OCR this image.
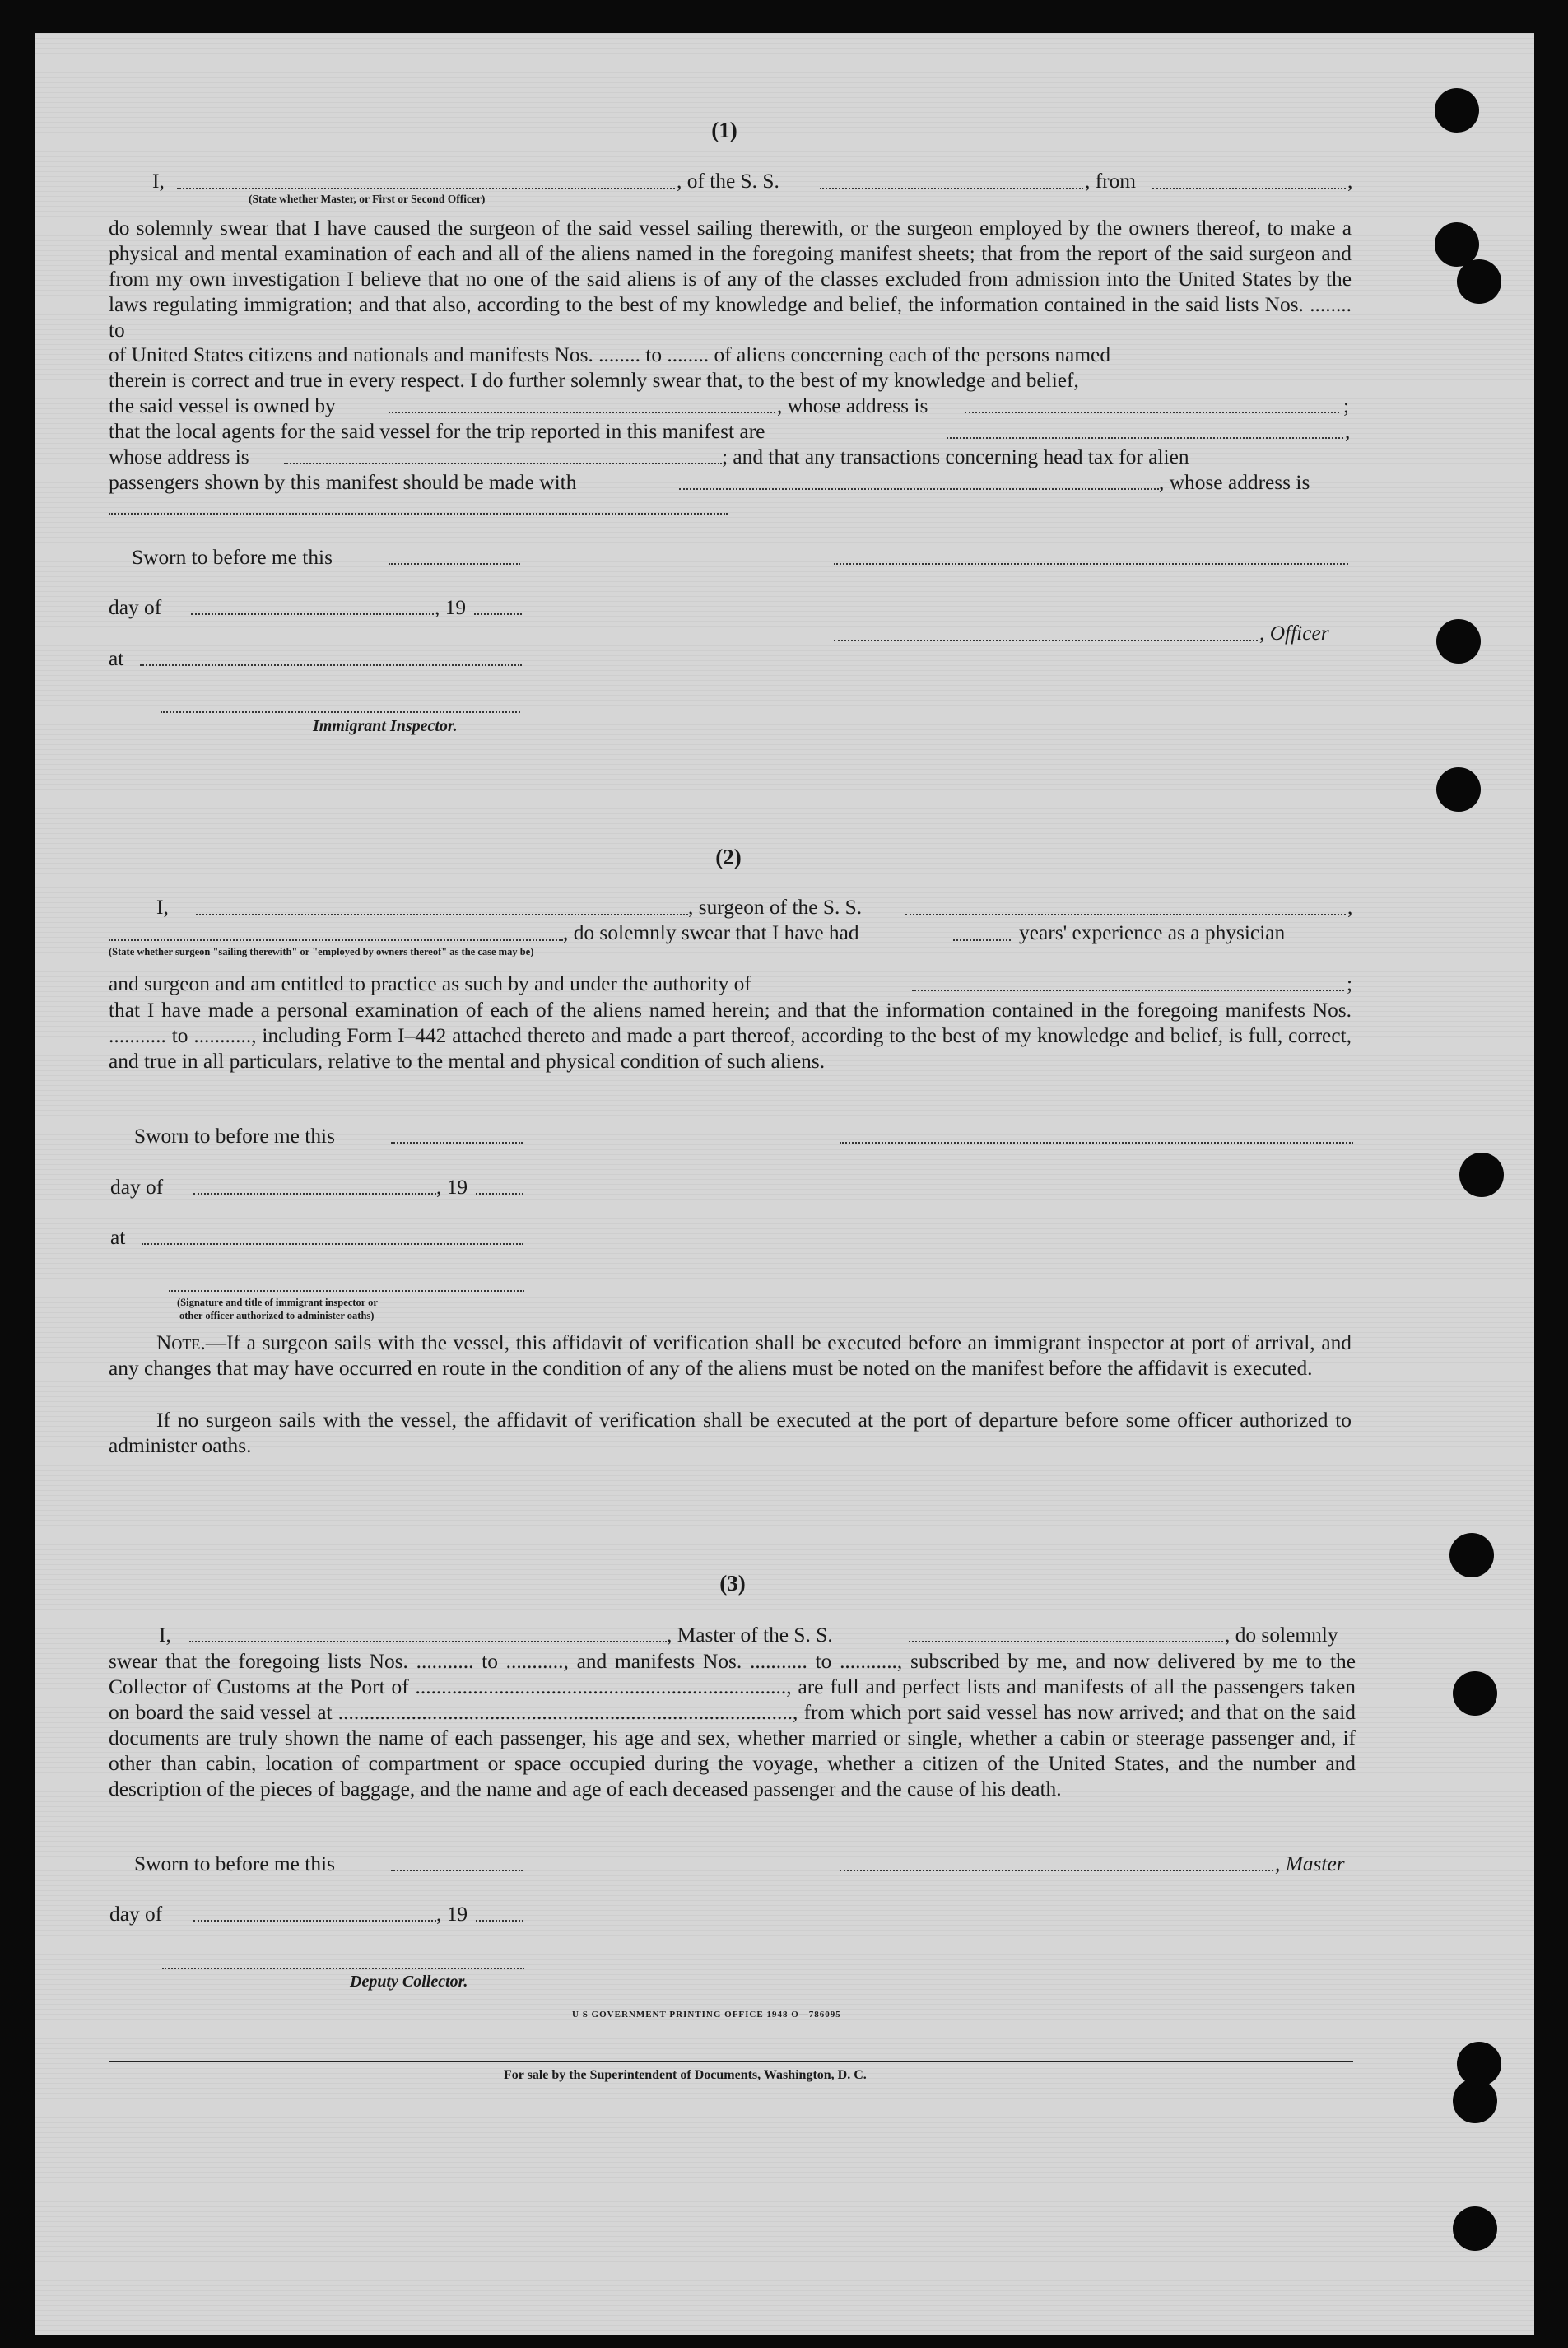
(1)
I,	, of the S. S.	, from	,
(State whether Master, or First or Second Officer)
do solemnly swear that I have caused the surgeon of the said vessel sailing therewith, or the surgeon employed by the owners thereof, to make a physical and mental examination of each and all of the aliens named in the foregoing manifest sheets; that from the report of the said surgeon and from my own investigation I believe that no one of the said aliens is of any of the classes excluded from admission into the United States by the laws regulating immigration; and that also, according to the best of my knowledge and belief, the information contained in the said lists Nos. ........ to
of United States citizens and nationals and manifests Nos. ........ to ........ of aliens concerning each of the persons named
therein is correct and true in every respect. I do further solemnly swear that, to the best of my knowledge and belief,
the said vessel is owned by	, whose address is	;
that the local agents for the said vessel for the trip reported in this manifest are	,
whose address is	; and that any transactions concerning head tax for alien
passengers shown by this manifest should be made with	, whose address is
Sworn to before me this
day of	, 19
, Officer
at
Immigrant Inspector.
(2)
I,	, surgeon of the S. S.	,
, do solemnly swear that I have had	years' experience as a physician
(State whether surgeon "sailing therewith" or "employed by owners thereof" as the case may be)
and surgeon and am entitled to practice as such by and under the authority of	;
that I have made a personal examination of each of the aliens named herein; and that the information contained in the foregoing manifests Nos. ........... to ..........., including Form I–442 attached thereto and made a part thereof, according to the best of my knowledge and belief, is full, correct, and true in all particulars, relative to the mental and physical condition of such aliens.
Sworn to before me this
day of	, 19
at
(Signature and title of immigrant inspector or
other officer authorized to administer oaths)
Note.—If a surgeon sails with the vessel, this affidavit of verification shall be executed before an immigrant inspector at port of arrival, and any changes that may have occurred en route in the condition of any of the aliens must be noted on the manifest before the affidavit is executed.
If no surgeon sails with the vessel, the affidavit of verification shall be executed at the port of departure before some officer authorized to administer oaths.
(3)
I,	, Master of the S. S.	, do solemnly
swear that the foregoing lists Nos. ........... to ..........., and manifests Nos. ........... to ..........., subscribed by me, and now delivered by me to the Collector of Customs at the Port of ......................................................................., are full and perfect lists and manifests of all the passengers taken on board the said vessel at ......................................................................................., from which port said vessel has now arrived; and that on the said documents are truly shown the name of each passenger, his age and sex, whether married or single, whether a cabin or steerage passenger and, if other than cabin, location of compartment or space occupied during the voyage, whether a citizen of the United States, and the number and description of the pieces of baggage, and the name and age of each deceased passenger and the cause of his death.
Sworn to before me this	, Master
day of	, 19
Deputy Collector.
U S GOVERNMENT PRINTING OFFICE 1948 O—786095
For sale by the Superintendent of Documents, Washington, D. C.
